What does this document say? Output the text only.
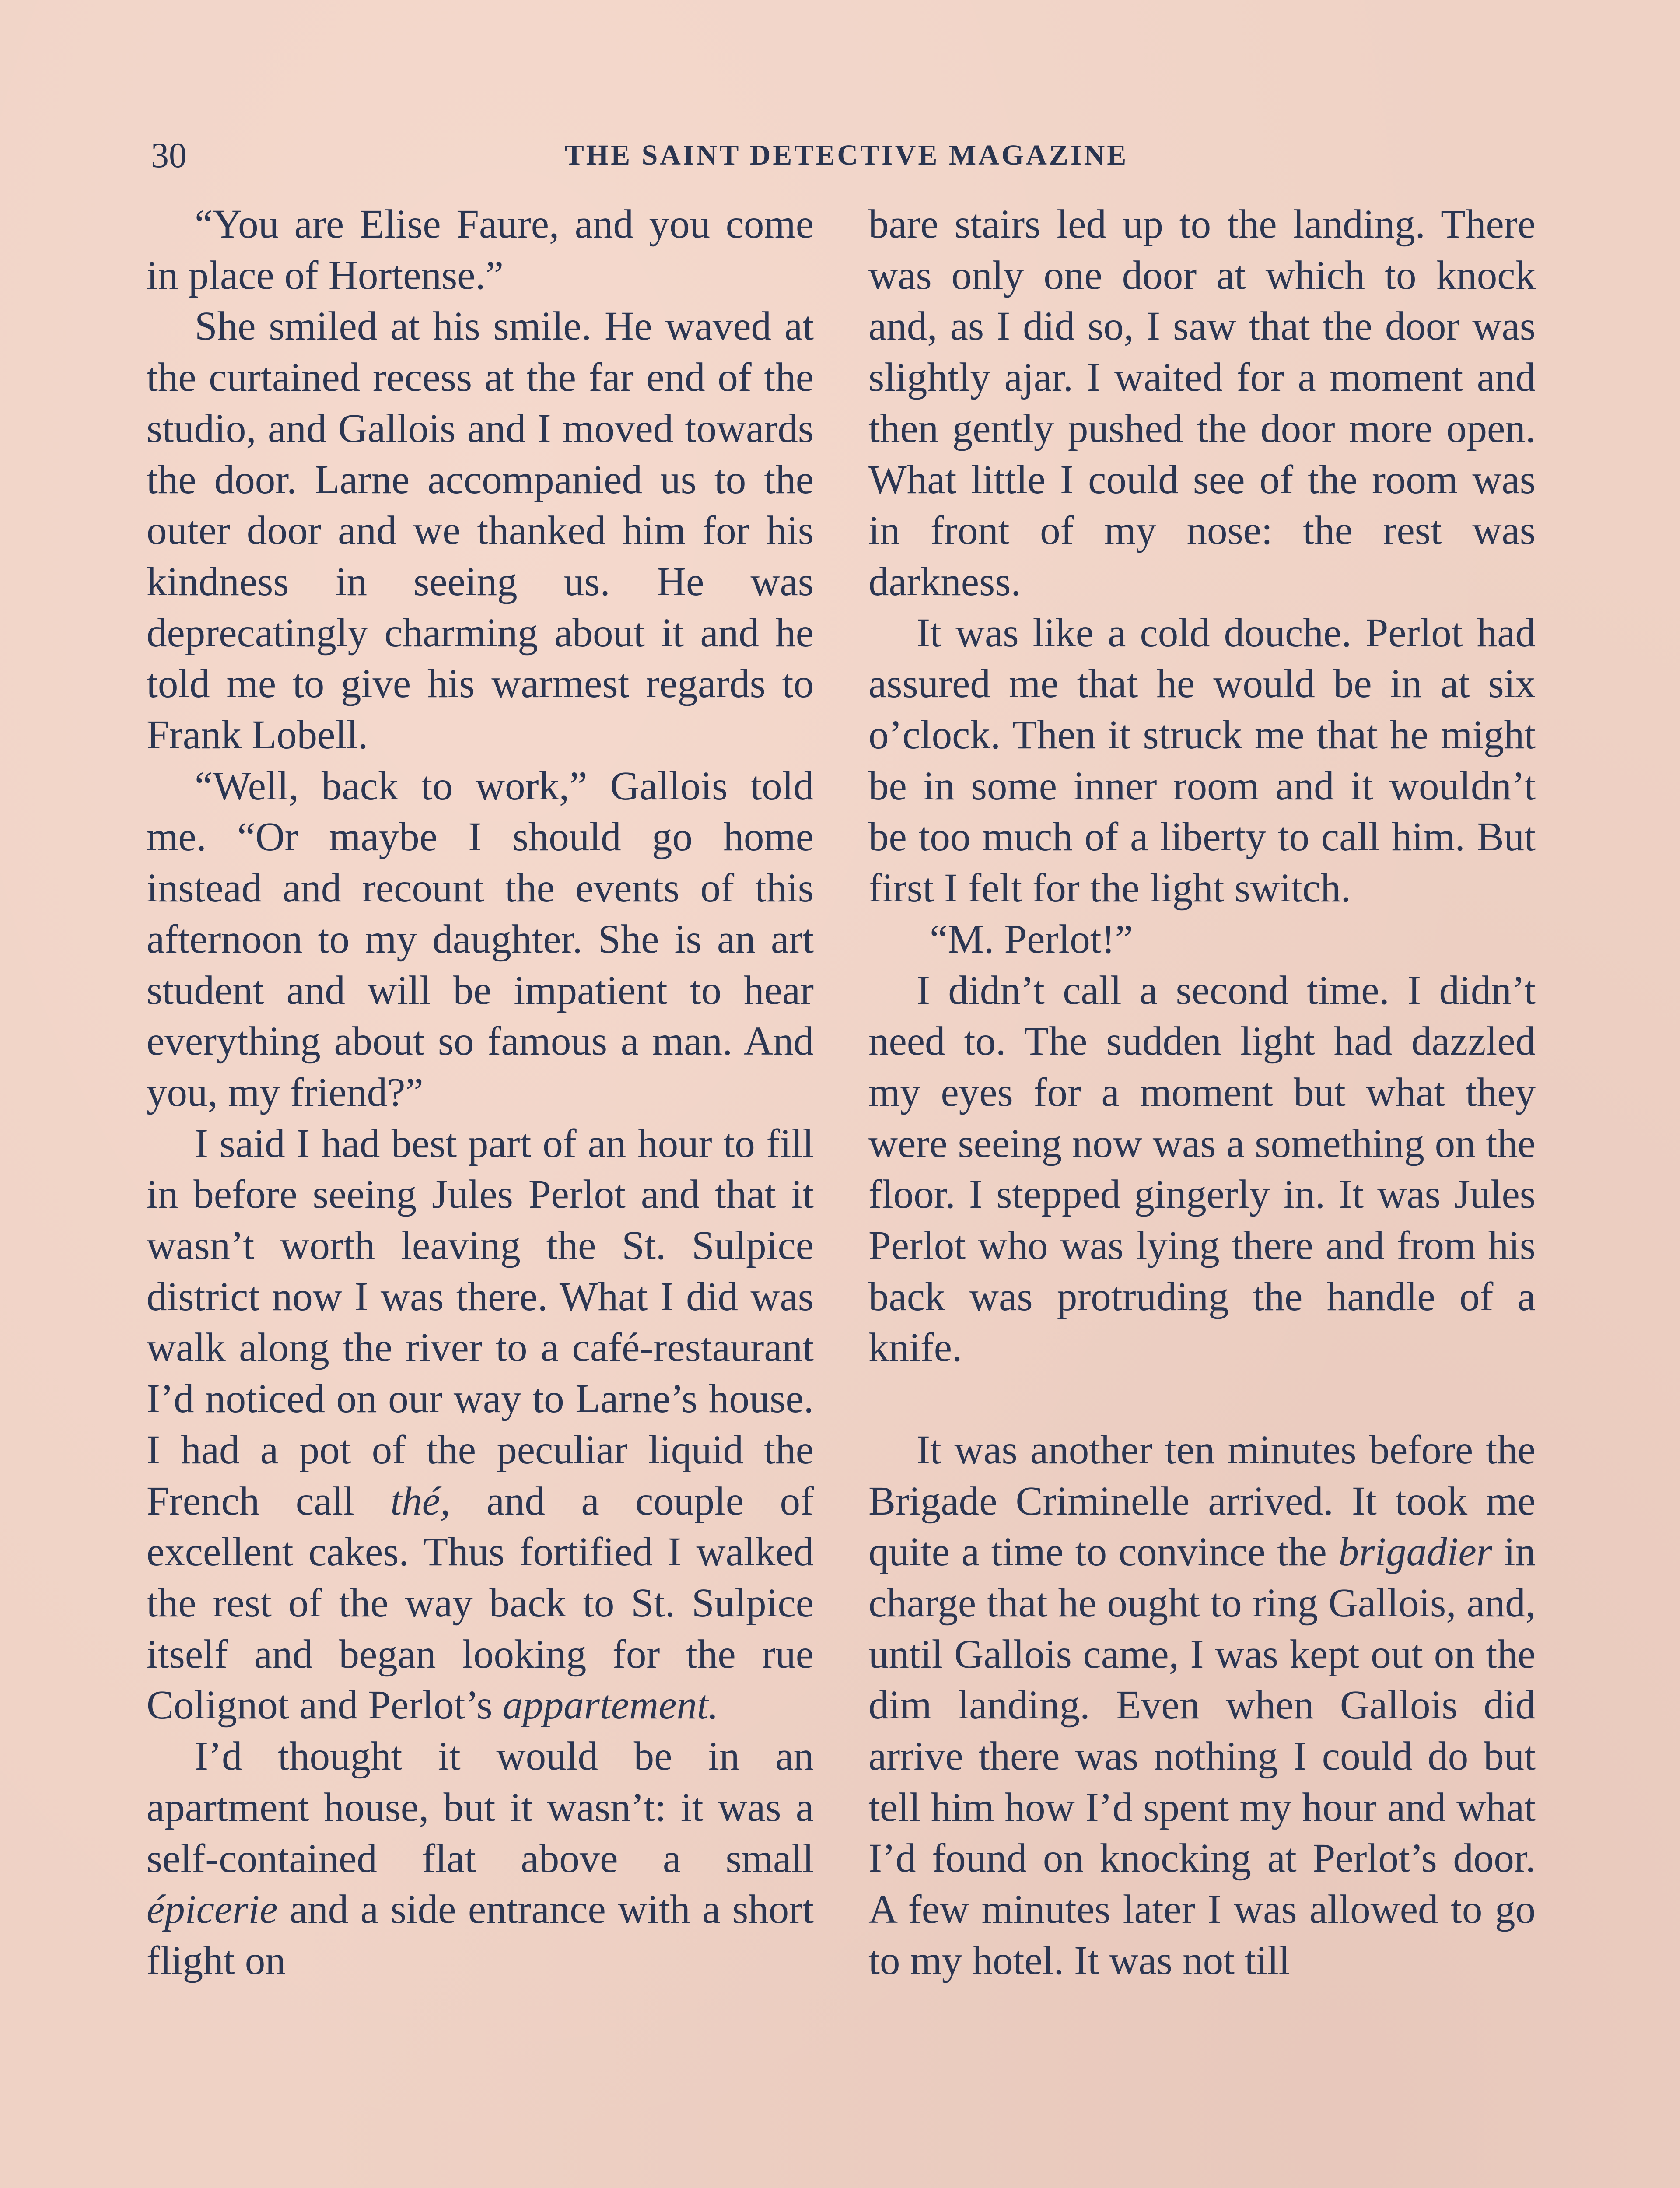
30	THE SAINT DETECTIVE MAGAZINE

“You are Elise Faure, and you come in place of Hortense.”

She smiled at his smile. He waved at the curtained recess at the far end of the studio, and Gallois and I moved towards the door. Larne accompanied us to the outer door and we thanked him for his kindness in seeing us. He was deprecatingly charming about it and he told me to give his warmest regards to Frank Lobell.

“Well, back to work,” Gallois told me. “Or maybe I should go home instead and recount the events of this afternoon to my daughter. She is an art student and will be impatient to hear everything about so famous a man. And you, my friend?”

I said I had best part of an hour to fill in before seeing Jules Perlot and that it wasn’t worth leaving the St. Sulpice district now I was there. What I did was walk along the river to a café-restaurant I’d noticed on our way to Larne’s house. I had a pot of the peculiar liquid the French call thé, and a couple of excellent cakes. Thus fortified I walked the rest of the way back to St. Sulpice itself and began looking for the rue Colignot and Perlot’s appartement.

I’d thought it would be in an apartment house, but it wasn’t: it was a self-contained flat above a small épicerie and a side entrance with a short flight on

bare stairs led up to the landing. There was only one door at which to knock and, as I did so, I saw that the door was slightly ajar. I waited for a moment and then gently pushed the door more open. What little I could see of the room was in front of my nose: the rest was darkness.

It was like a cold douche. Perlot had assured me that he would be in at six o’clock. Then it struck me that he might be in some inner room and it wouldn’t be too much of a liberty to call him. But first I felt for the light switch.

“M. Perlot!”

I didn’t call a second time. I didn’t need to. The sudden light had dazzled my eyes for a moment but what they were seeing now was a something on the floor. I stepped gingerly in. It was Jules Perlot who was lying there and from his back was protruding the handle of a knife.

It was another ten minutes before the Brigade Criminelle arrived. It took me quite a time to convince the brigadier in charge that he ought to ring Gallois, and, until Gallois came, I was kept out on the dim landing. Even when Gallois did arrive there was nothing I could do but tell him how I’d spent my hour and what I’d found on knocking at Perlot’s door. A few minutes later I was allowed to go to my hotel. It was not till
